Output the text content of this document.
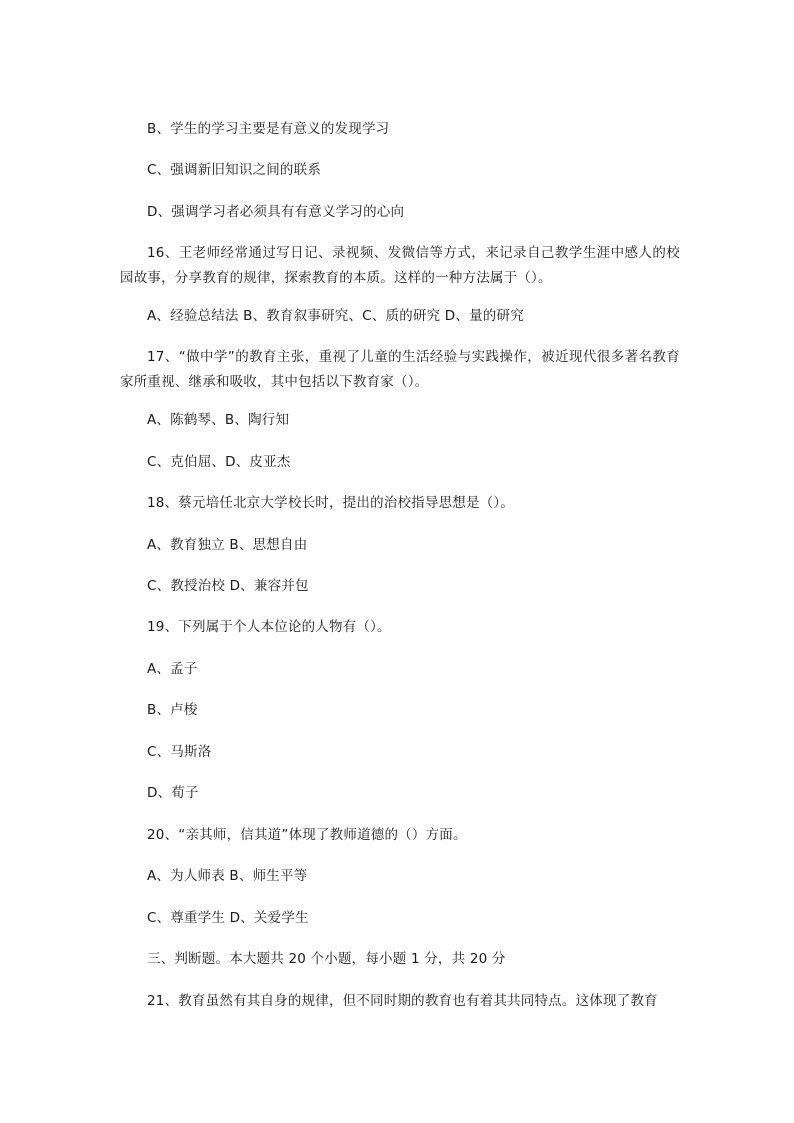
B、学生的学习主要是有意义的发现学习
C、强调新旧知识之间的联系
D、强调学习者必须具有有意义学习的心向
16、王老师经常通过写日记、录视频、发微信等方式，来记录自己教学生涯中感人的校园故事，分享教育的规律，探索教育的本质。这样的一种方法属于（）。
A、经验总结法 B、教育叙事研究、C、质的研究 D、量的研究
17、“做中学”的教育主张，重视了儿童的生活经验与实践操作，被近现代很多著名教育家所重视、继承和吸收，其中包括以下教育家（）。
A、陈鹤琴、B、陶行知
C、克伯屈、D、皮亚杰
18、蔡元培任北京大学校长时，提出的治校指导思想是（）。
A、教育独立 B、思想自由
C、教授治校 D、兼容并包
19、下列属于个人本位论的人物有（）。
A、孟子
B、卢梭
C、马斯洛
D、荀子
20、“亲其师，信其道”体现了教师道德的（）方面。
A、为人师表 B、师生平等
C、尊重学生 D、关爱学生
三、判断题。本大题共 20 个小题，每小题 1 分，共 20 分
21、教育虽然有其自身的规律，但不同时期的教育也有着其共同特点。这体现了教育
